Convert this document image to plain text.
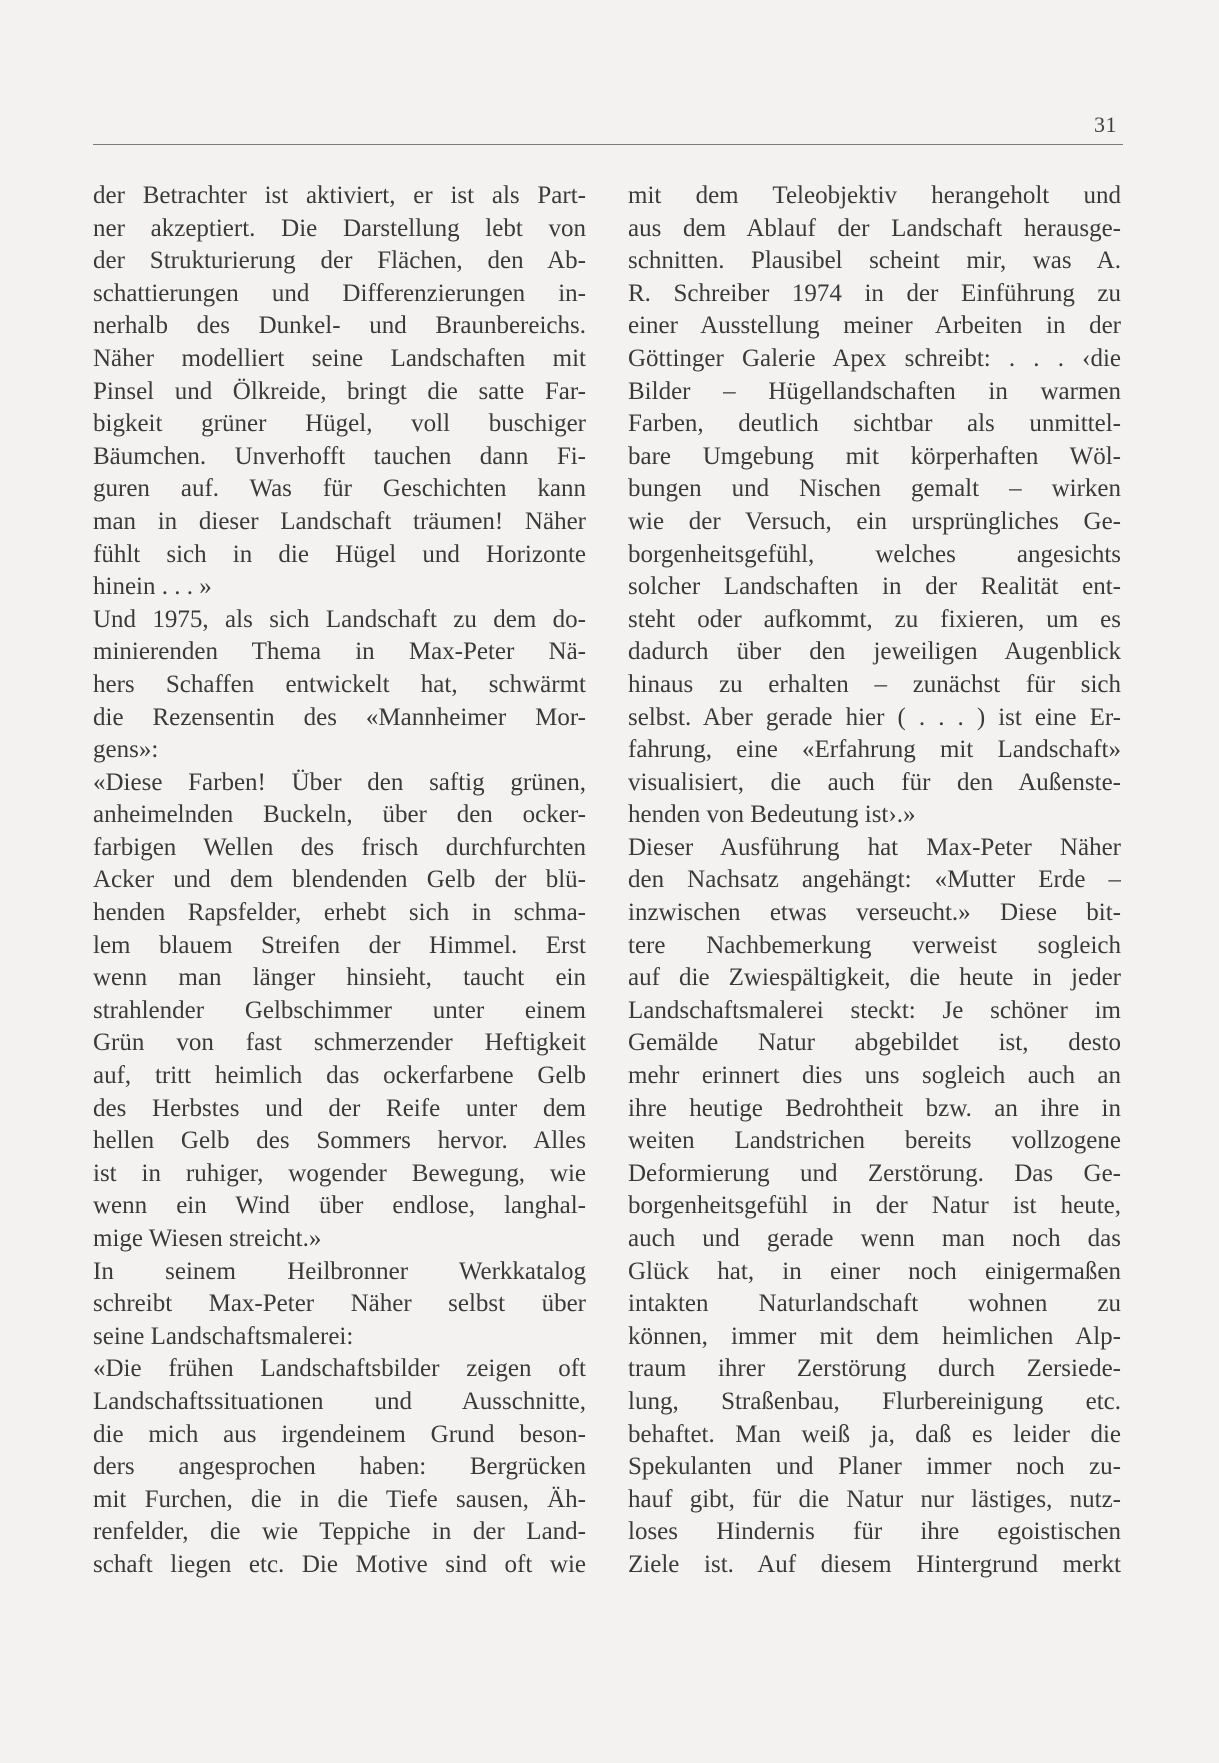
31
der Betrachter ist aktiviert, er ist als Part-
ner akzeptiert. Die Darstellung lebt von
der Strukturierung der Flächen, den Ab-
schattierungen und Differenzierungen in-
nerhalb des Dunkel- und Braunbereichs.
Näher modelliert seine Landschaften mit
Pinsel und Ölkreide, bringt die satte Far-
bigkeit grüner Hügel, voll buschiger
Bäumchen. Unverhofft tauchen dann Fi-
guren auf. Was für Geschichten kann
man in dieser Landschaft träumen! Näher
fühlt sich in die Hügel und Horizonte
hinein . . . »
Und 1975, als sich Landschaft zu dem do-
minierenden Thema in Max-Peter Nä-
hers Schaffen entwickelt hat, schwärmt
die Rezensentin des «Mannheimer Mor-
gens»:
«Diese Farben! Über den saftig grünen,
anheimelnden Buckeln, über den ocker-
farbigen Wellen des frisch durchfurchten
Acker und dem blendenden Gelb der blü-
henden Rapsfelder, erhebt sich in schma-
lem blauem Streifen der Himmel. Erst
wenn man länger hinsieht, taucht ein
strahlender Gelbschimmer unter einem
Grün von fast schmerzender Heftigkeit
auf, tritt heimlich das ockerfarbene Gelb
des Herbstes und der Reife unter dem
hellen Gelb des Sommers hervor. Alles
ist in ruhiger, wogender Bewegung, wie
wenn ein Wind über endlose, langhal-
mige Wiesen streicht.»
In seinem Heilbronner Werkkatalog
schreibt Max-Peter Näher selbst über
seine Landschaftsmalerei:
«Die frühen Landschaftsbilder zeigen oft
Landschaftssituationen und Ausschnitte,
die mich aus irgendeinem Grund beson-
ders angesprochen haben: Bergrücken
mit Furchen, die in die Tiefe sausen, Äh-
renfelder, die wie Teppiche in der Land-
schaft liegen etc. Die Motive sind oft wie
mit dem Teleobjektiv herangeholt und
aus dem Ablauf der Landschaft herausge-
schnitten. Plausibel scheint mir, was A.
R. Schreiber 1974 in der Einführung zu
einer Ausstellung meiner Arbeiten in der
Göttinger Galerie Apex schreibt: . . . ‹die
Bilder – Hügellandschaften in warmen
Farben, deutlich sichtbar als unmittel-
bare Umgebung mit körperhaften Wöl-
bungen und Nischen gemalt – wirken
wie der Versuch, ein ursprüngliches Ge-
borgenheitsgefühl, welches angesichts
solcher Landschaften in der Realität ent-
steht oder aufkommt, zu fixieren, um es
dadurch über den jeweiligen Augenblick
hinaus zu erhalten – zunächst für sich
selbst. Aber gerade hier ( . . . ) ist eine Er-
fahrung, eine «Erfahrung mit Landschaft»
visualisiert, die auch für den Außenste-
henden von Bedeutung ist›.»
Dieser Ausführung hat Max-Peter Näher
den Nachsatz angehängt: «Mutter Erde –
inzwischen etwas verseucht.» Diese bit-
tere Nachbemerkung verweist sogleich
auf die Zwiespältigkeit, die heute in jeder
Landschaftsmalerei steckt: Je schöner im
Gemälde Natur abgebildet ist, desto
mehr erinnert dies uns sogleich auch an
ihre heutige Bedrohtheit bzw. an ihre in
weiten Landstrichen bereits vollzogene
Deformierung und Zerstörung. Das Ge-
borgenheitsgefühl in der Natur ist heute,
auch und gerade wenn man noch das
Glück hat, in einer noch einigermaßen
intakten Naturlandschaft wohnen zu
können, immer mit dem heimlichen Alp-
traum ihrer Zerstörung durch Zersiede-
lung, Straßenbau, Flurbereinigung etc.
behaftet. Man weiß ja, daß es leider die
Spekulanten und Planer immer noch zu-
hauf gibt, für die Natur nur lästiges, nutz-
loses Hindernis für ihre egoistischen
Ziele ist. Auf diesem Hintergrund merkt
